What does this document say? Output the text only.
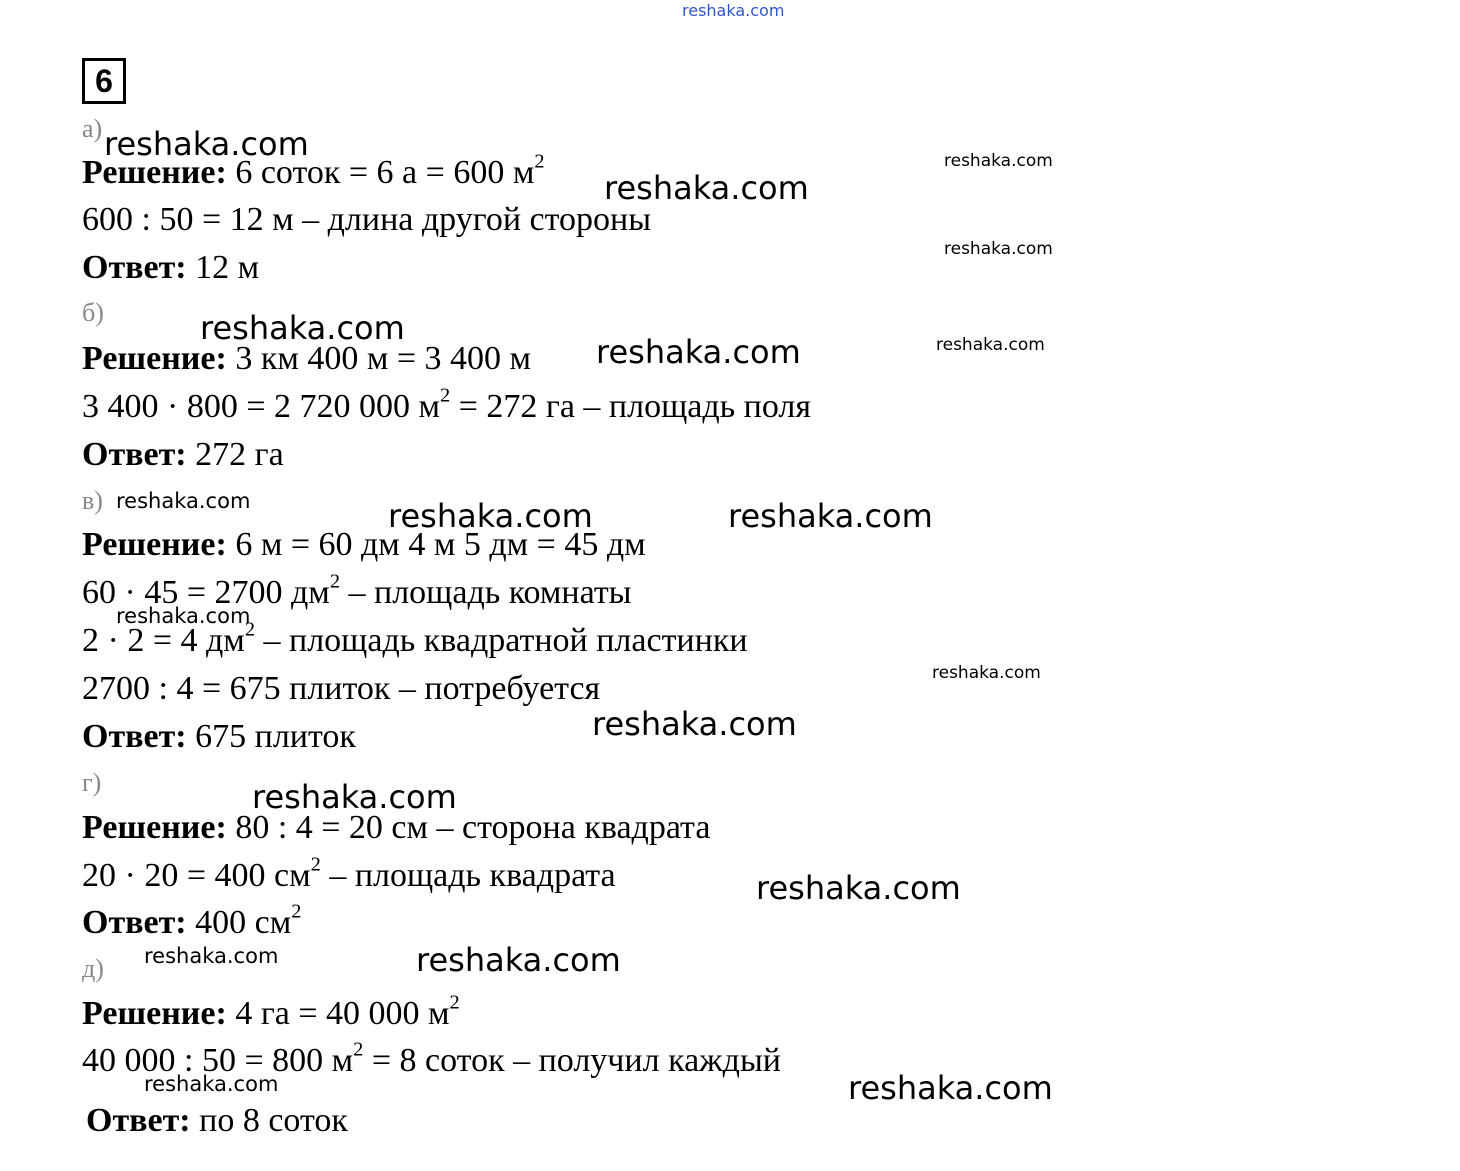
reshaka.com
6
а)
Решение: 6 соток = 6 а = 600 $м^2$
600 : 50 = 12 м – длина другой стороны
Ответ: 12 м
б)
Решение: 3 км 400 м = 3 400 м
3 400 · 800 = 2 720 000 $м^2 = 272$ га – площадь поля
Ответ: 272 га
в)
Решение: 6 м = 60 дм 4 м 5 дм = 45 дм
60 · 45 = 2700 $дм^2$ – площадь комнаты
2 · 2 = 4 $дм^2$ – площадь квадратной пластинки
2700 : 4 = 675 плиток – потребуется
Ответ: 675 плиток
г)
Решение: 80 : 4 = 20 см – сторона квадрата
20 · 20 = 400 $см^2$ – площадь квадрата
Ответ: 400 $см^2$
д)
Решение: 4 га = 40 000 $м^2$
40 000 : 50 = 800 $м^2 = 8$ соток – получил каждый
Ответ: по 8 соток
reshaka.com	reshaka.com
reshaka.com
reshaka.com
reshaka.com
reshaka.com	reshaka.com
reshaka.com	reshaka.com	reshaka.com
reshaka.com
reshaka.com
reshaka.com
reshaka.com
reshaka.com
reshaka.com	reshaka.com
reshaka.com	reshaka.com
